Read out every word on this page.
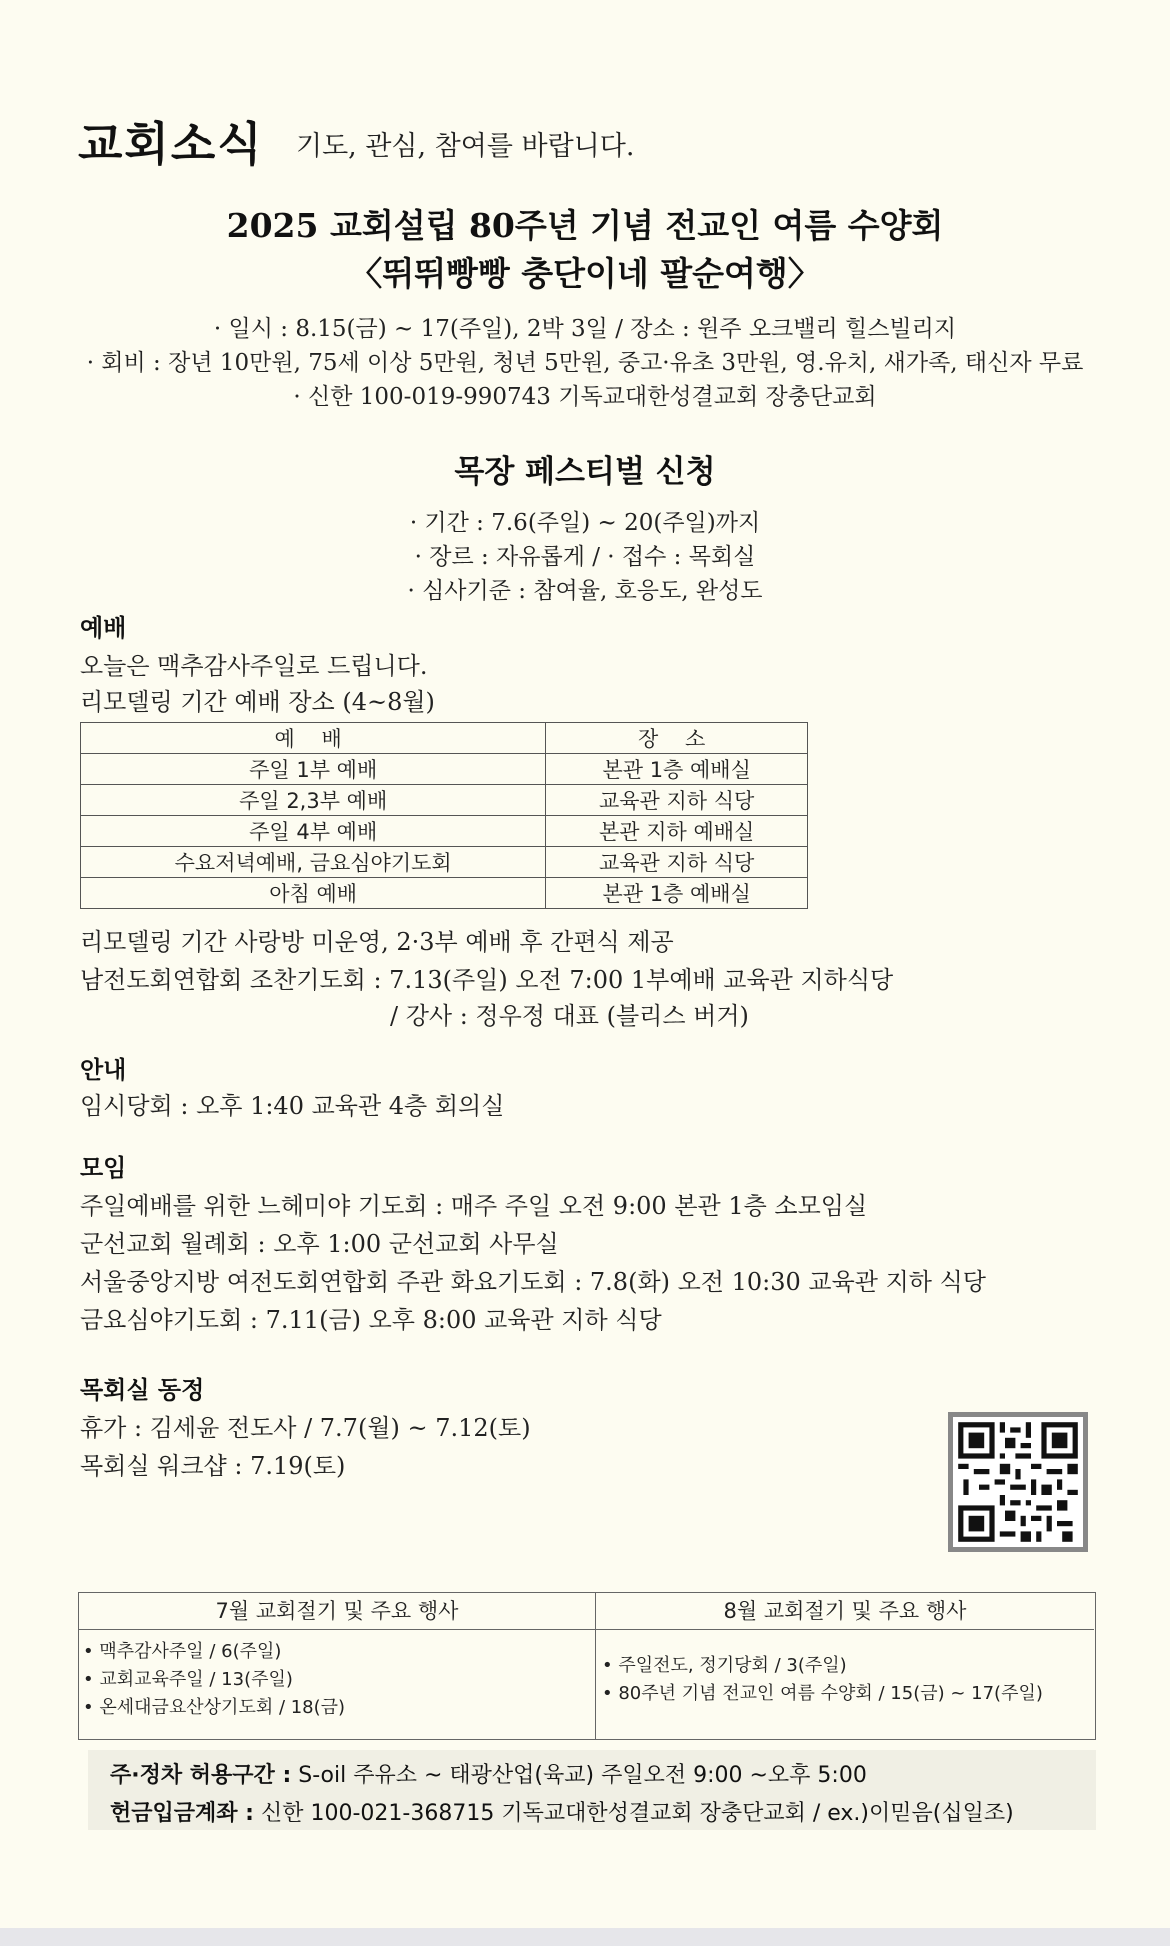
교회소식 기도, 관심, 참여를 바랍니다.
2025 교회설립 80주년 기념 전교인 여름 수양회
〈뛰뛰빵빵 충단이네 팔순여행〉
· 일시 : 8.15(금) ~ 17(주일), 2박 3일 / 장소 : 원주 오크밸리 힐스빌리지
· 회비 : 장년 10만원, 75세 이상 5만원, 청년 5만원, 중고·유초 3만원, 영.유치, 새가족, 태신자 무료
· 신한 100-019-990743 기독교대한성결교회 장충단교회
목장 페스티벌 신청
· 기간 : 7.6(주일) ~ 20(주일)까지
· 장르 : 자유롭게 / · 접수 : 목회실
· 심사기준 : 참여율, 호응도, 완성도
예배
오늘은 맥추감사주일로 드립니다.
리모델링 기간 예배 장소 (4~8월)
예 배	장 소
주일 1부 예배	본관 1층 예배실
주일 2,3부 예배	교육관 지하 식당
주일 4부 예배	본관 지하 예배실
수요저녁예배, 금요심야기도회	교육관 지하 식당
아침 예배	본관 1층 예배실
리모델링 기간 사랑방 미운영, 2·3부 예배 후 간편식 제공
남전도회연합회 조찬기도회 : 7.13(주일) 오전 7:00 1부예배 교육관 지하식당
/ 강사 : 정우정 대표 (블리스 버거)
안내
임시당회 : 오후 1:40 교육관 4층 회의실
모임
주일예배를 위한 느헤미야 기도회 : 매주 주일 오전 9:00 본관 1층 소모임실
군선교회 월례회 : 오후 1:00 군선교회 사무실
서울중앙지방 여전도회연합회 주관 화요기도회 : 7.8(화) 오전 10:30 교육관 지하 식당
금요심야기도회 : 7.11(금) 오후 8:00 교육관 지하 식당
목회실 동정
휴가 : 김세윤 전도사 / 7.7(월) ~ 7.12(토)
목회실 워크샵 : 7.19(토)
7월 교회절기 및 주요 행사
• 맥추감사주일 / 6(주일)
• 교회교육주일 / 13(주일)
• 온세대금요산상기도회 / 18(금)
8월 교회절기 및 주요 행사
• 주일전도, 정기당회 / 3(주일)
• 80주년 기념 전교인 여름 수양회 / 15(금) ~ 17(주일)
주·정차 허용구간 : S-oil 주유소 ~ 태광산업(육교) 주일오전 9:00 ~오후 5:00
헌금입금계좌 : 신한 100-021-368715 기독교대한성결교회 장충단교회 / ex.)이믿음(십일조)
